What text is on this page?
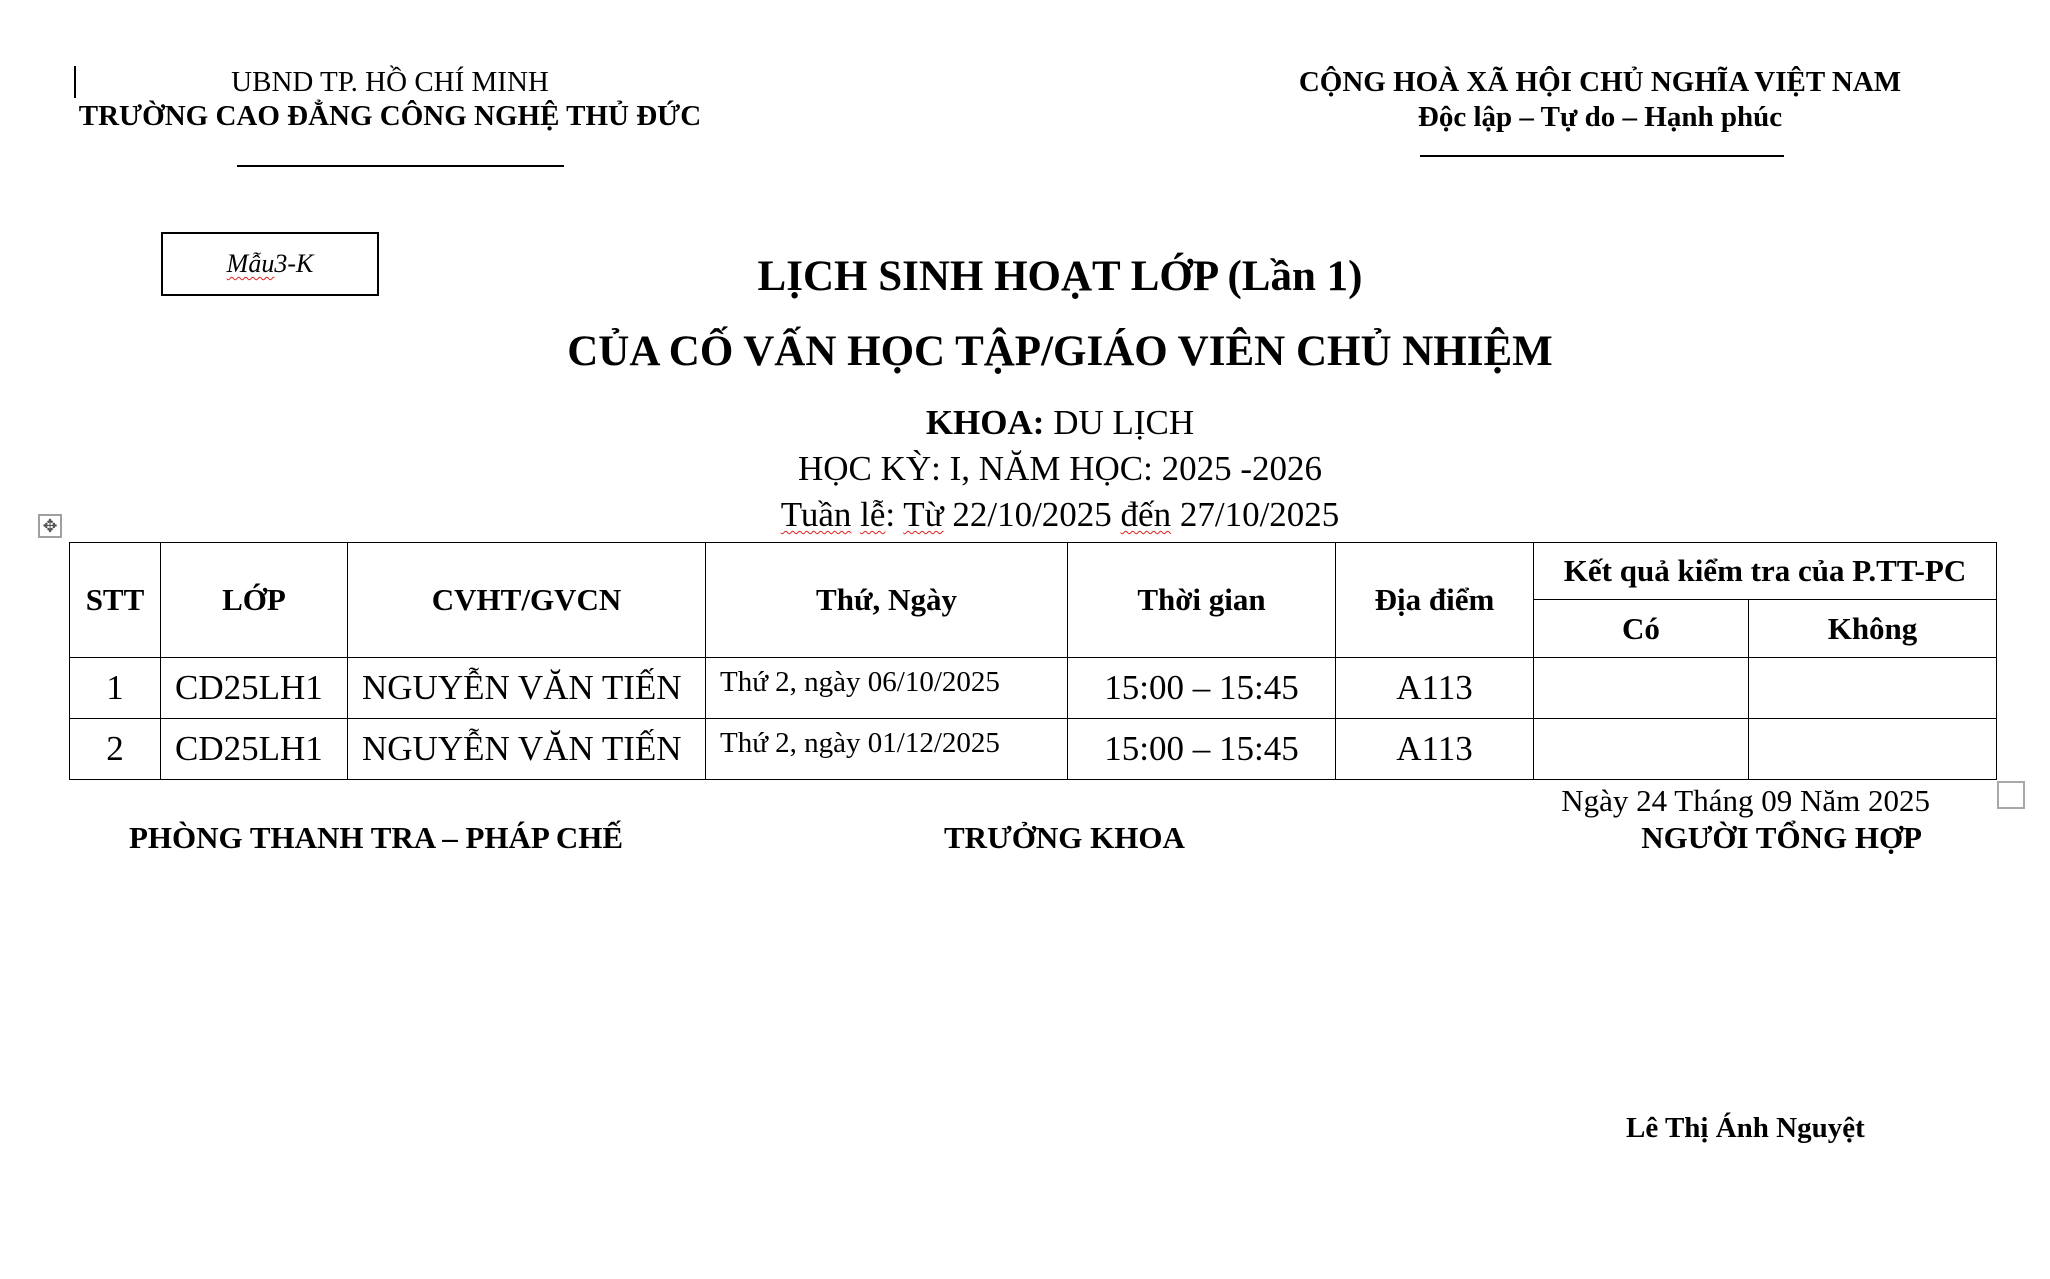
UBND TP. HỒ CHÍ MINH
TRƯỜNG CAO ĐẲNG CÔNG NGHỆ THỦ ĐỨC
CỘNG HOÀ XÃ HỘI CHỦ NGHĨA VIỆT NAM
Độc lập – Tự do – Hạnh phúc
Mẫu 3-K	LỊCH SINH HOẠT LỚP (Lần 1)
CỦA CỐ VẤN HỌC TẬP/GIÁO VIÊN CHỦ NHIỆM
KHOA: DU LỊCH
HỌC KỲ: I, NĂM HỌC: 2025 -2026
Tuần lễ: Từ 22/10/2025 đến 27/10/2025
✥
STT	LỚP	CVHT/GVCN	Thứ, Ngày	Thời gian	Địa điểm	Kết quả kiểm tra của P.TT-PC	
						Có	Không
1	CD25LH1	NGUYỄN VĂN TIẾN	Thứ 2, ngày 06/10/2025	15:00 – 15:45	A113		
2	CD25LH1	NGUYỄN VĂN TIẾN	Thứ 2, ngày 01/12/2025	15:00 – 15:45	A113		
Ngày 24 Tháng 09 Năm 2025
PHÒNG THANH TRA – PHÁP CHẾ	TRƯỞNG KHOA	NGƯỜI TỔNG HỢP
Lê Thị Ánh Nguyệt
